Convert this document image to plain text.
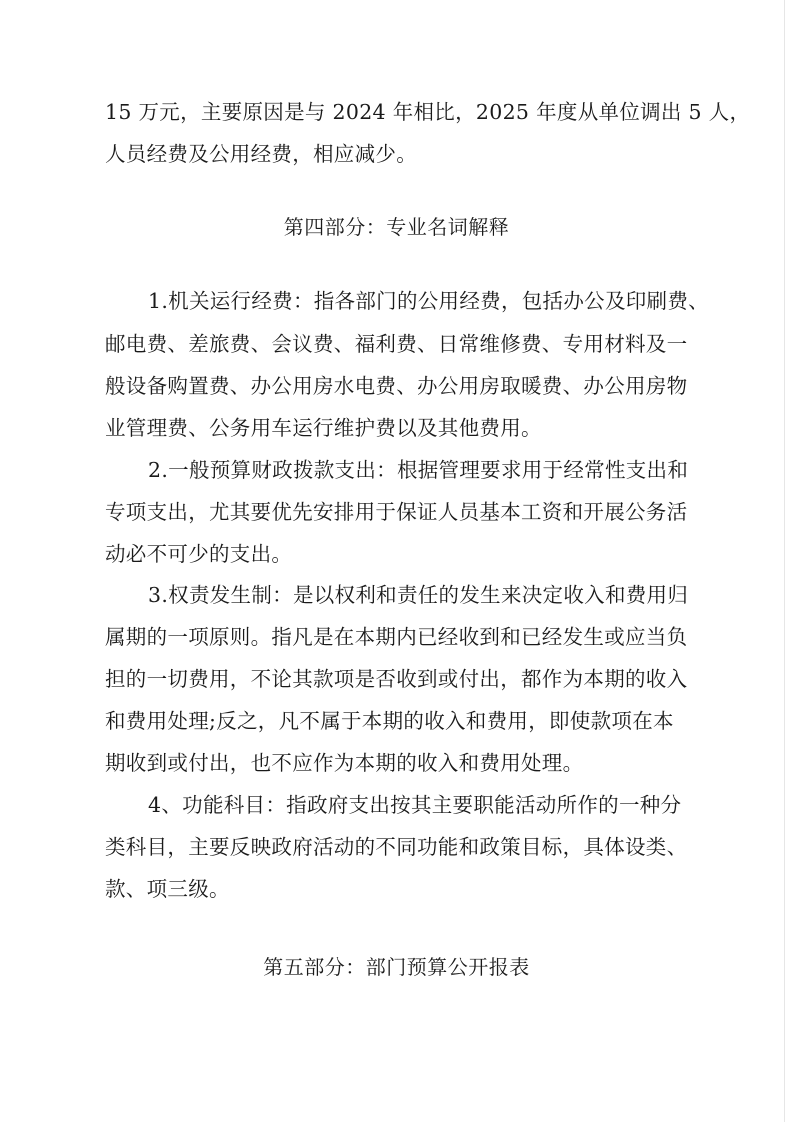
15 万元，主要原因是与 2024 年相比，2025 年度从单位调出 5 人，
人员经费及公用经费，相应减少。
第四部分：专业名词解释
1.机关运行经费：指各部门的公用经费，包括办公及印刷费、
邮电费、差旅费、会议费、福利费、日常维修费、专用材料及一
般设备购置费、办公用房水电费、办公用房取暖费、办公用房物
业管理费、公务用车运行维护费以及其他费用。
2.一般预算财政拨款支出：根据管理要求用于经常性支出和
专项支出，尤其要优先安排用于保证人员基本工资和开展公务活
动必不可少的支出。
3.权责发生制：是以权利和责任的发生来决定收入和费用归
属期的一项原则。指凡是在本期内已经收到和已经发生或应当负
担的一切费用，不论其款项是否收到或付出，都作为本期的收入
和费用处理;反之，凡不属于本期的收入和费用，即使款项在本
期收到或付出，也不应作为本期的收入和费用处理。
4、功能科目：指政府支出按其主要职能活动所作的一种分
类科目，主要反映政府活动的不同功能和政策目标，具体设类、
款、项三级。
第五部分：部门预算公开报表
